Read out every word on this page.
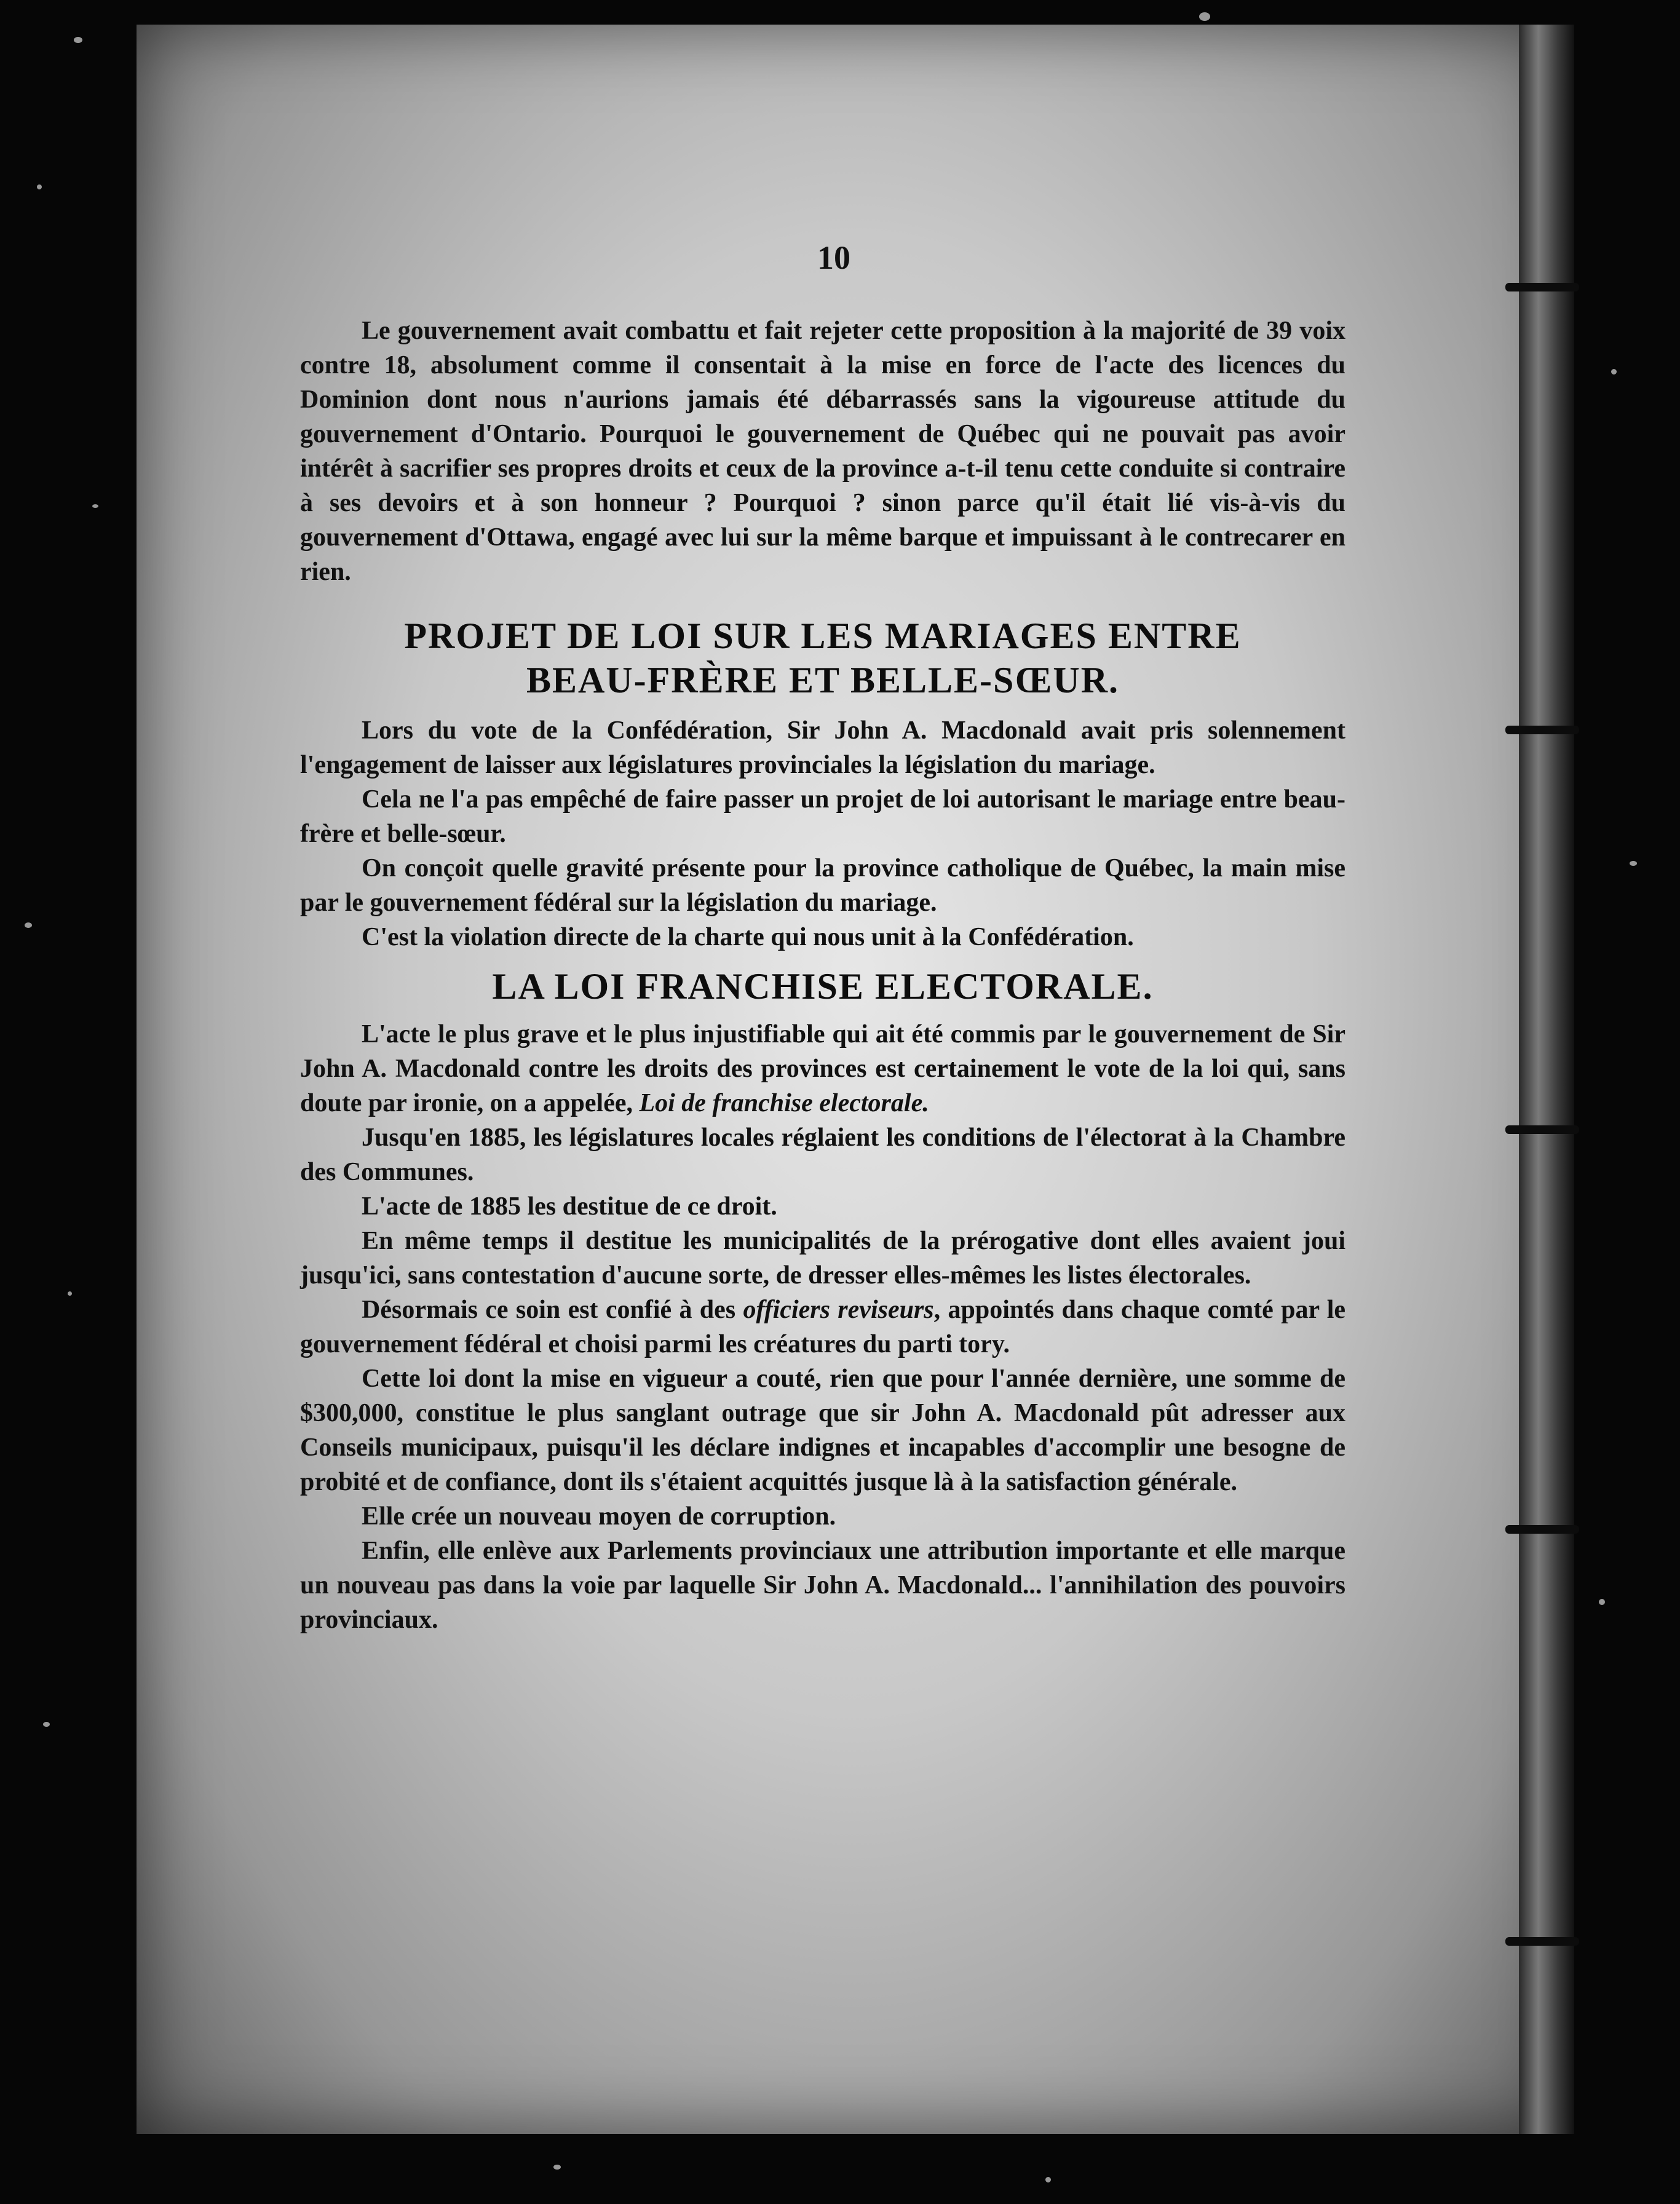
10

Le gouvernement avait combattu et fait rejeter cette proposition à la majorité de 39 voix contre 18, absolument comme il consentait à la mise en force de l'acte des licences du Dominion dont nous n'aurions jamais été débarrassés sans la vigoureuse attitude du gouvernement d'Ontario. Pourquoi le gouvernement de Québec qui ne pouvait pas avoir intérêt à sacrifier ses propres droits et ceux de la province a-t-il tenu cette conduite si contraire à ses devoirs et à son honneur ? Pourquoi ? sinon parce qu'il était lié vis-à-vis du gouvernement d'Ottawa, engagé avec lui sur la même barque et impuissant à le contrecarer en rien.

PROJET DE LOI SUR LES MARIAGES ENTRE

BEAU-FRÈRE ET BELLE-SŒUR.

Lors du vote de la Confédération, Sir John A. Macdonald avait pris solennement l'engagement de laisser aux législatures provinciales la législation du mariage.

Cela ne l'a pas empêché de faire passer un projet de loi autorisant le mariage entre beau-frère et belle-sœur.

On conçoit quelle gravité présente pour la province catholique de Québec, la main mise par le gouvernement fédéral sur la législation du mariage.

C'est la violation directe de la charte qui nous unit à la Confédération.

LA LOI FRANCHISE ELECTORALE.

L'acte le plus grave et le plus injustifiable qui ait été commis par le gouvernement de Sir John A. Macdonald contre les droits des provinces est certainement le vote de la loi qui, sans doute par ironie, on a appelée, Loi de franchise electorale.

Jusqu'en 1885, les législatures locales réglaient les conditions de l'électorat à la Chambre des Communes.

L'acte de 1885 les destitue de ce droit.

En même temps il destitue les municipalités de la prérogative dont elles avaient joui jusqu'ici, sans contestation d'aucune sorte, de dresser elles-mêmes les listes électorales.

Désormais ce soin est confié à des officiers reviseurs, appointés dans chaque comté par le gouvernement fédéral et choisi parmi les créatures du parti tory.

Cette loi dont la mise en vigueur a couté, rien que pour l'année dernière, une somme de $300,000, constitue le plus sanglant outrage que sir John A. Macdonald pût adresser aux Conseils municipaux, puisqu'il les déclare indignes et incapables d'accomplir une besogne de probité et de confiance, dont ils s'étaient acquittés jusque là à la satisfaction générale.

Elle crée un nouveau moyen de corruption.

Enfin, elle enlève aux Parlements provinciaux une attribution importante et elle marque un nouveau pas dans la voie par laquelle Sir John A. Macdonald... l'annihilation des pouvoirs provinciaux.
